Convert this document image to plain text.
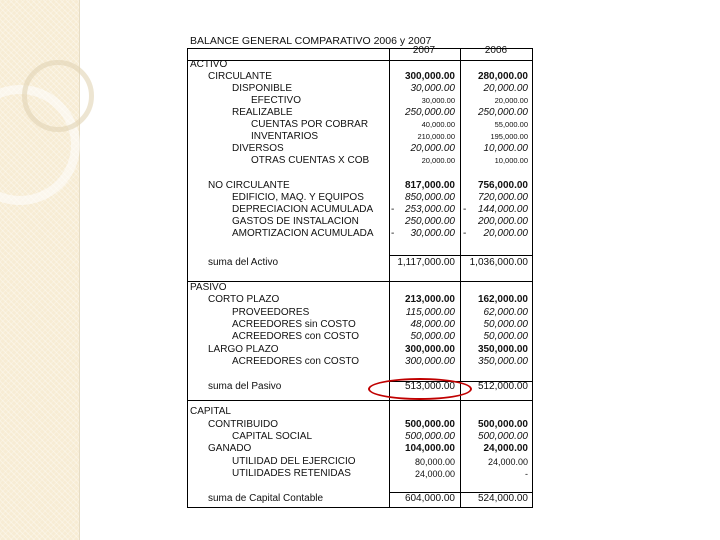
BALANCE GENERAL COMPARATIVO 2006 y 2007
2007	2006
ACTIVO
CIRCULANTE	300,000.00	280,000.00
DISPONIBLE	30,000.00	20,000.00
EFECTIVO	30,000.00	20,000.00
REALIZABLE	250,000.00	250,000.00
CUENTAS POR COBRAR	40,000.00	55,000.00
INVENTARIOS	210,000.00	195,000.00
DIVERSOS	20,000.00	10,000.00
OTRAS CUENTAS X COB	20,000.00	10,000.00
NO CIRCULANTE	817,000.00	756,000.00
EDIFICIO, MAQ. Y EQUIPOS	850,000.00	720,000.00
DEPRECIACION ACUMULADA -	253,000.00 -	144,000.00
GASTOS DE INSTALACION	250,000.00	200,000.00
AMORTIZACION ACUMULADA -	30,000.00 -	20,000.00
suma del Activo	1,117,000.00	1,036,000.00
PASIVO
CORTO PLAZO	213,000.00	162,000.00
PROVEEDORES	115,000.00	62,000.00
ACREEDORES sin COSTO	48,000.00	50,000.00
ACREEDORES con COSTO	50,000.00	50,000.00
LARGO PLAZO	300,000.00	350,000.00
ACREEDORES con COSTO	300,000.00	350,000.00
suma del Pasivo	513,000.00	512,000.00
CAPITAL
CONTRIBUIDO	500,000.00	500,000.00
CAPITAL SOCIAL	500,000.00	500,000.00
GANADO	104,000.00	24,000.00
UTILIDAD DEL EJERCICIO	80,000.00	24,000.00
UTILIDADES RETENIDAS	24,000.00	-
suma de Capital Contable	604,000.00	524,000.00
